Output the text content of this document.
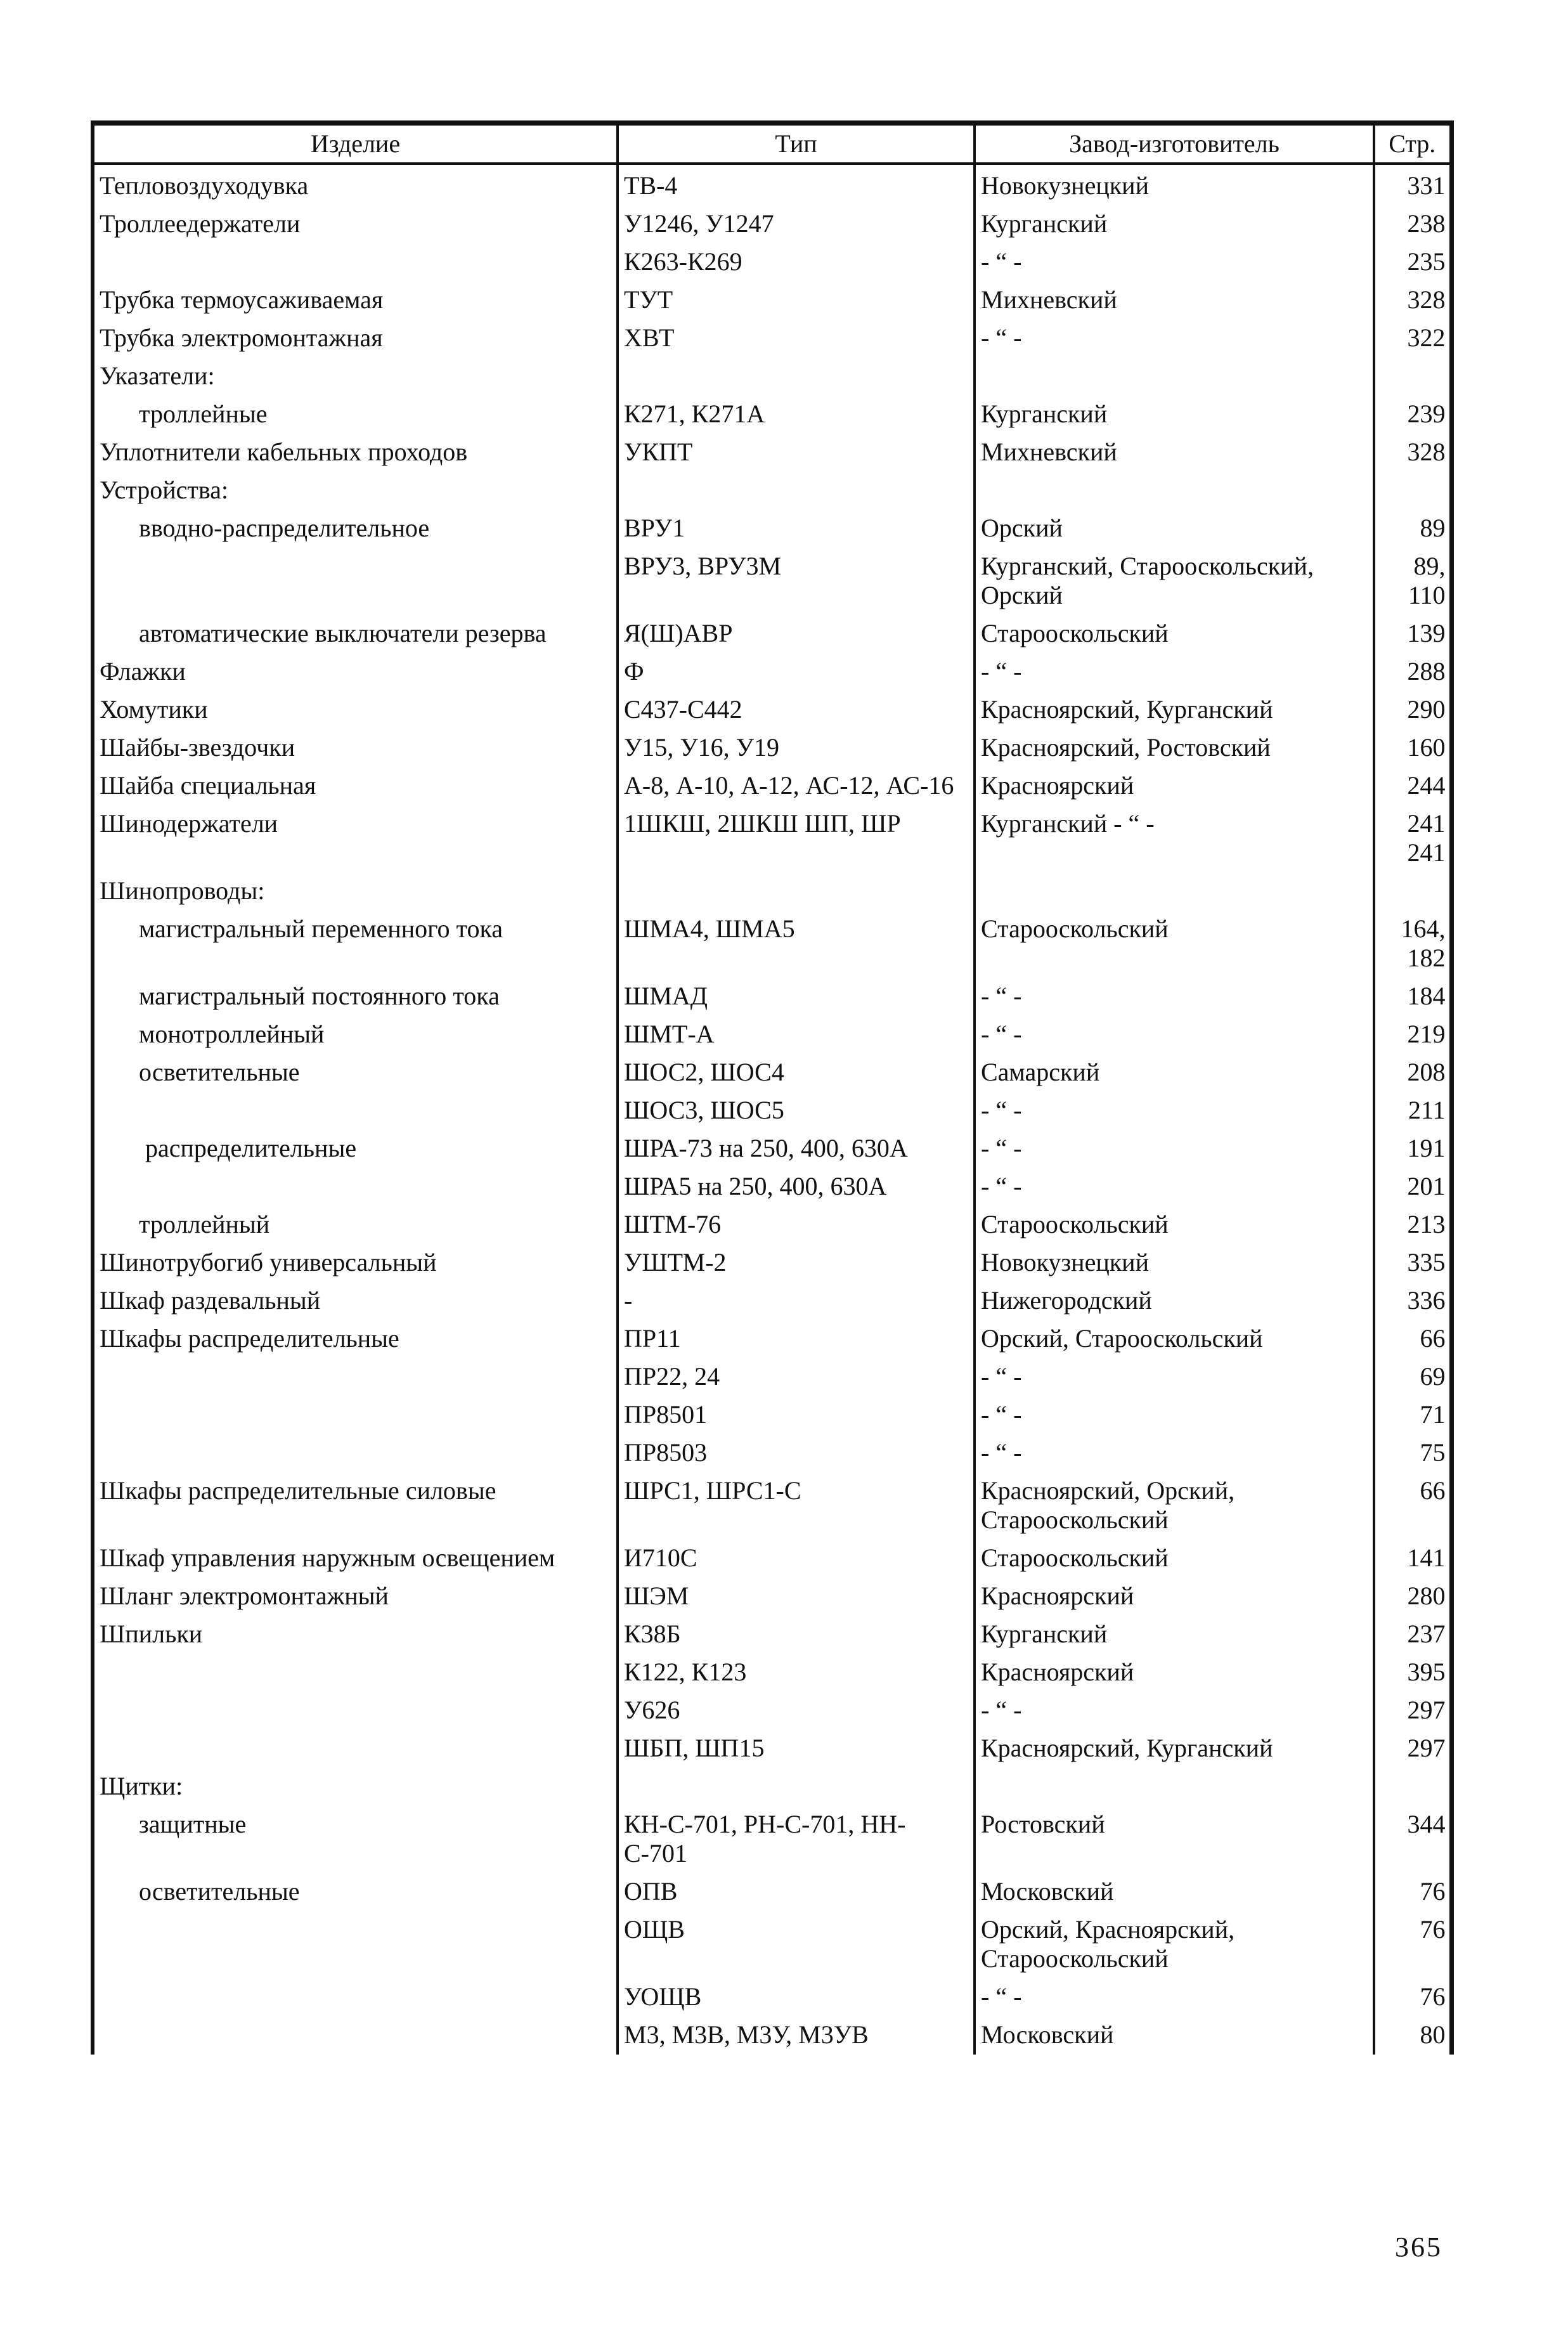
Изделие	Тип	Завод-изготовитель	Стр.
Тепловоздуходувка	ТВ-4	Новокузнецкий	331
Троллеедержатели	У1246, У1247	Курганский	238
	К263-К269	- “ -	235
Трубка термоусаживаемая	ТУТ	Михневский	328
Трубка электромонтажная	ХВТ	- “ -	322
Указатели:			
троллейные	К271, К271А	Курганский	239
Уплотнители кабельных проходов	УКПТ	Михневский	328
Устройства:			
вводно-распределительное	ВРУ1	Орский	89
	ВРУ3, ВРУ3М	Курганский, Старооскольский, Орский	89, 110
автоматические выключатели резерва	Я(Ш)АВР	Старооскольский	139
Флажки	Ф	- “ -	288
Хомутики	С437-С442	Красноярский, Курганский	290
Шайбы-звездочки	У15, У16, У19	Красноярский, Ростовский	160
Шайба специальная	А-8, А-10, А-12, АС-12, АС-16	Красноярский	244
Шинодержатели	1ШКШ, 2ШКШ ШП, ШР	Курганский - “ -	241 241
Шинопроводы:			
магистральный переменного тока	ШМА4, ШМА5	Старооскольский	164, 182
магистральный постоянного тока	ШМАД	- “ -	184
монотроллейный	ШМТ-А	- “ -	219
осветительные	ШОС2, ШОС4	Самарский	208
	ШОС3, ШОС5	- “ -	211
распределительные	ШРА-73 на 250, 400, 630А	- “ -	191
	ШРА5 на 250, 400, 630А	- “ -	201
троллейный	ШТМ-76	Старооскольский	213
Шинотрубогиб универсальный	УШТМ-2	Новокузнецкий	335
Шкаф раздевальный	-	Нижегородский	336
Шкафы распределительные	ПР11	Орский, Старооскольский	66
	ПР22, 24	- “ -	69
	ПР8501	- “ -	71
	ПР8503	- “ -	75
Шкафы распределительные силовые	ШРС1, ШРС1-С	Красноярский, Орский, Старооскольский	66
Шкаф управления наружным освещением	И710С	Старооскольский	141
Шланг электромонтажный	ШЭМ	Красноярский	280
Шпильки	К38Б	Курганский	237
	К122, К123	Красноярский	395
	У626	- “ -	297
	ШБП, ШП15	Красноярский, Курганский	297
Щитки:			
защитные	КН-С-701, РН-С-701, НН-С-701	Ростовский	344
осветительные	ОПВ	Московский	76
	ОЩВ	Орский, Красноярский, Старооскольский	76
	УОЩВ	- “ -	76
	М3, М3В, М3У, М3УВ	Московский	80
365
